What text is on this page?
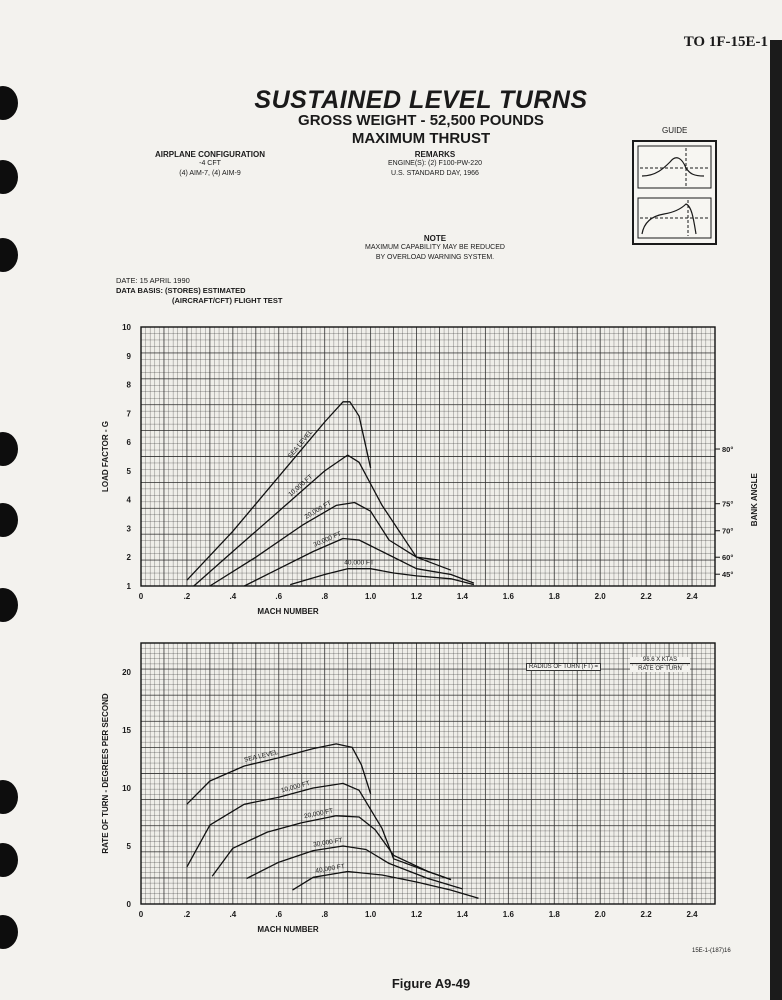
TO 1F-15E-1
SUSTAINED LEVEL TURNS
GROSS WEIGHT - 52,500 POUNDS
MAXIMUM THRUST
AIRPLANE CONFIGURATION
-4 CFT
(4) AIM-7, (4) AIM-9
REMARKS
ENGINE(S): (2) F100-PW-220
U.S. STANDARD DAY, 1966
NOTE
MAXIMUM CAPABILITY MAY BE REDUCED
BY OVERLOAD WARNING SYSTEM.
DATE: 15 APRIL 1990
DATA BASIS: (STORES) ESTIMATED
(AIRCRAFT/CFT) FLIGHT TEST
GUIDE
0	.2	.4	.6	.8	1.0	1.2	1.4	1.6	1.8	2.0	2.2	2.4
1
2
3
4
5
6
7
8
9
10
MACH NUMBER
LOAD FACTOR - G	80°
75°
70°
60°
45°
BANK ANGLE
SEA LEVEL
10,000 FT
20,000 FT
30,000 FT
40,000 FT
0	.2	.4	.6	.8	1.0	1.2	1.4	1.6	1.8	2.0	2.2	2.4
0
5
10
15
20
MACH NUMBER
RATE OF TURN - DEGREES PER SECOND	SEA LEVEL
10,000 FT
20,000 FT
30,000 FT
40,000 FT
RADIUS OF TURN (FT) =
96.6 X KTAS
RATE OF TURN
15E-1-(187)16
Figure A9-49
